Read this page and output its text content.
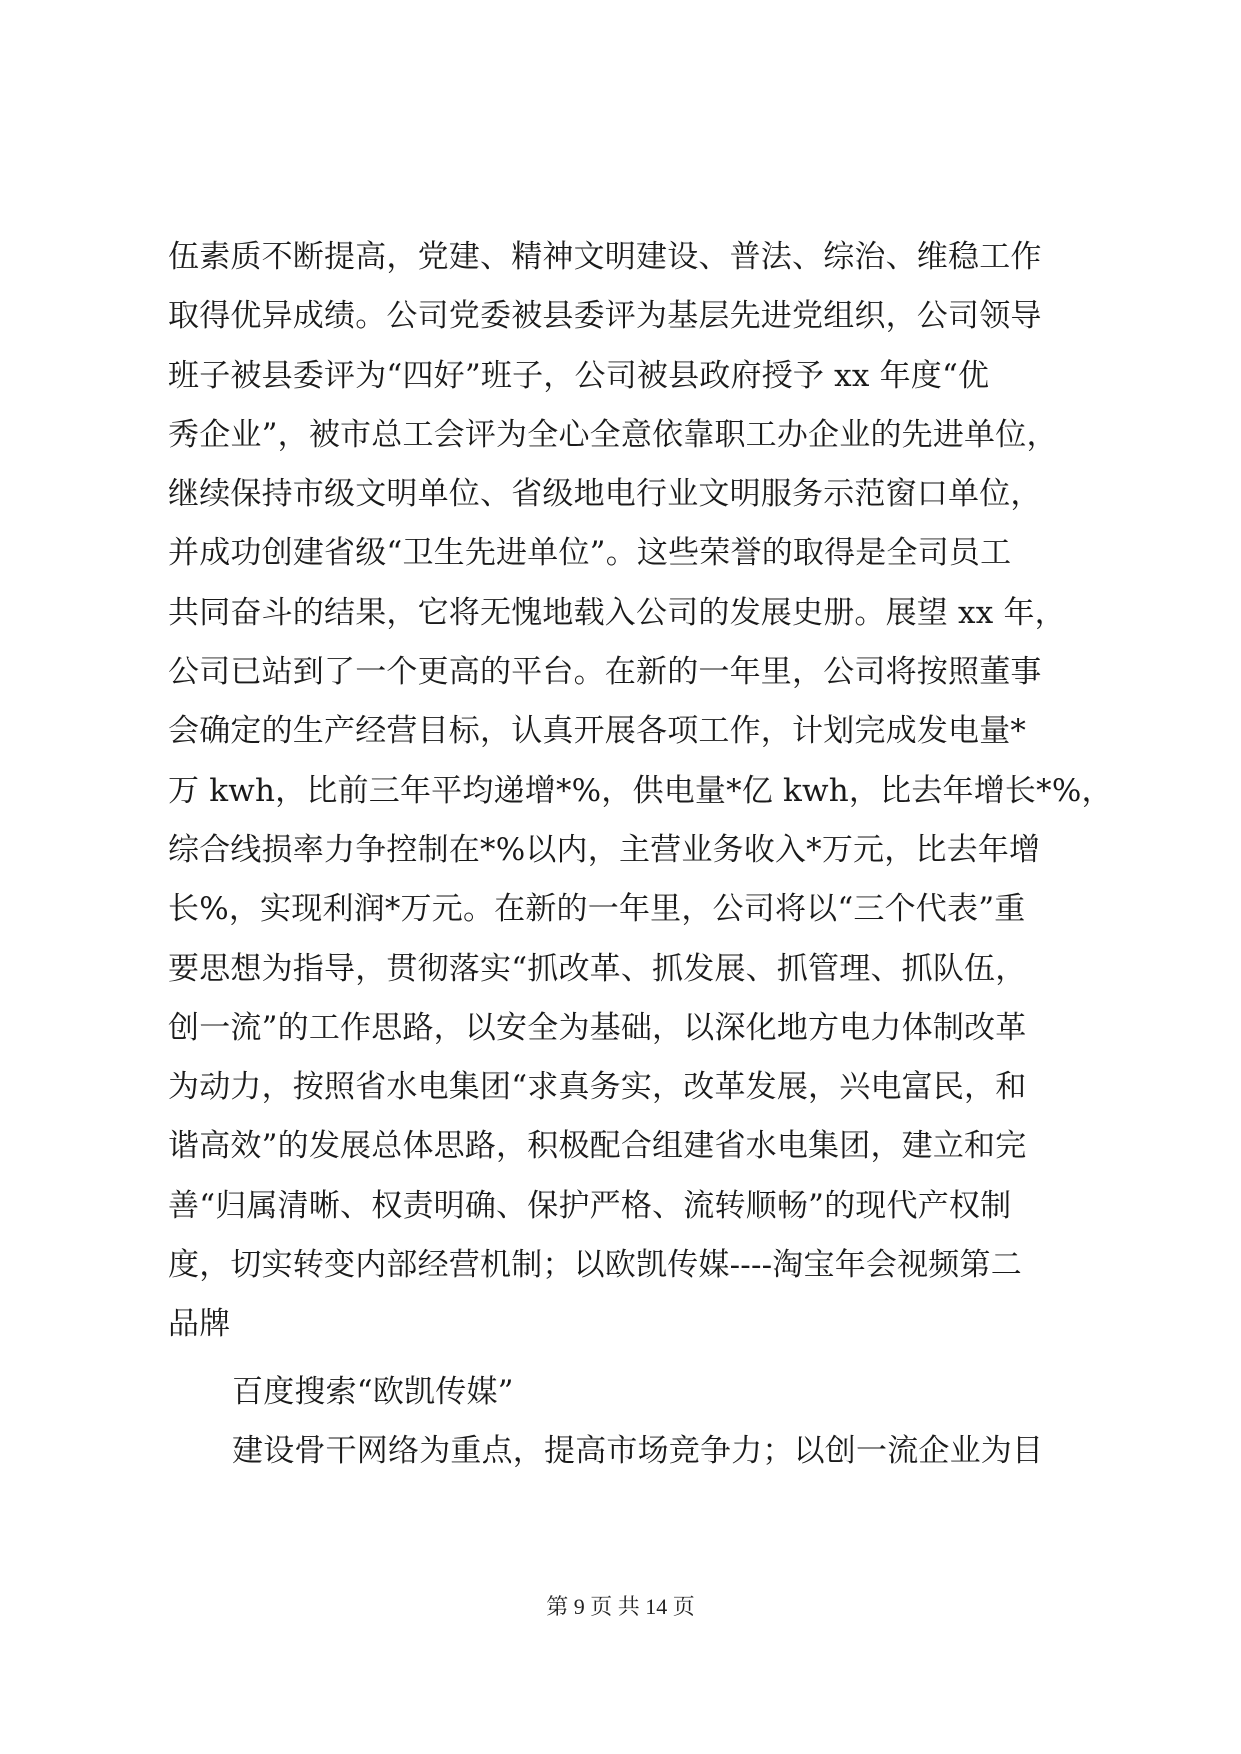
伍素质不断提高，党建、精神文明建设、普法、综治、维稳工作
取得优异成绩。公司党委被县委评为基层先进党组织，公司领导
班子被县委评为“四好”班子，公司被县政府授予 xx 年度“优
秀企业”，被市总工会评为全心全意依靠职工办企业的先进单位，
继续保持市级文明单位、省级地电行业文明服务示范窗口单位，
并成功创建省级“卫生先进单位”。这些荣誉的取得是全司员工
共同奋斗的结果，它将无愧地载入公司的发展史册。展望 xx 年，
公司已站到了一个更高的平台。在新的一年里，公司将按照董事
会确定的生产经营目标，认真开展各项工作，计划完成发电量*
万 kwh，比前三年平均递增*%，供电量*亿 kwh，比去年增长*%，
综合线损率力争控制在*%以内，主营业务收入*万元，比去年增
长%，实现利润*万元。在新的一年里，公司将以“三个代表”重
要思想为指导，贯彻落实“抓改革、抓发展、抓管理、抓队伍，
创一流”的工作思路，以安全为基础，以深化地方电力体制改革
为动力，按照省水电集团“求真务实，改革发展，兴电富民，和
谐高效”的发展总体思路，积极配合组建省水电集团，建立和完
善“归属清晰、权责明确、保护严格、流转顺畅”的现代产权制
度，切实转变内部经营机制；以欧凯传媒----淘宝年会视频第二
品牌
百度搜索“欧凯传媒”
建设骨干网络为重点，提高市场竞争力；以创一流企业为目
第 9 页 共 14 页
